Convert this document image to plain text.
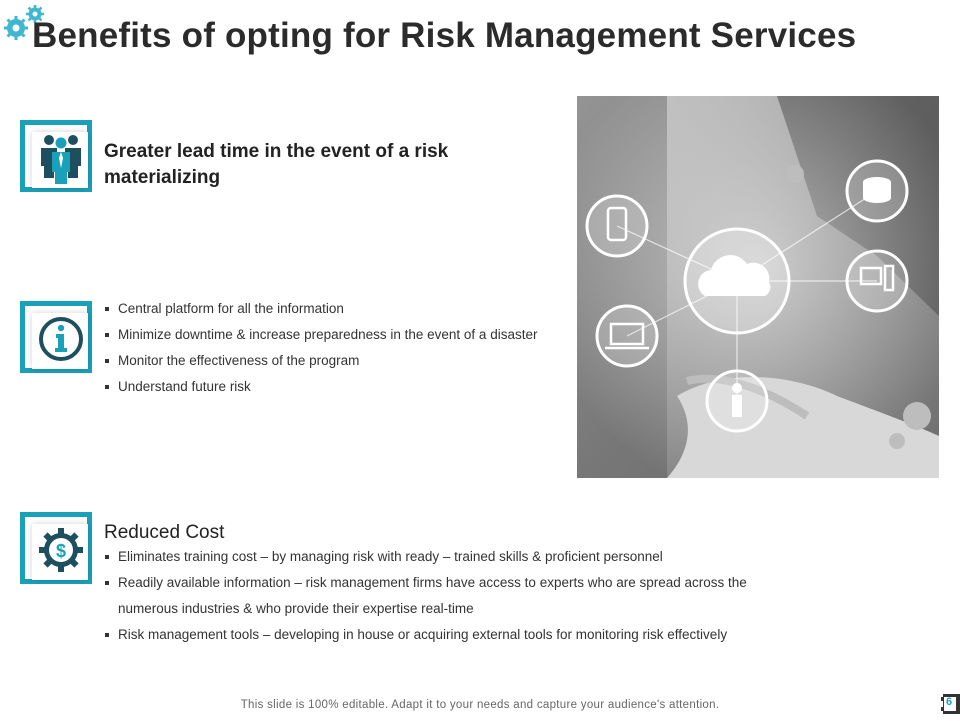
Benefits of opting for Risk Management Services
Greater lead time in the event of a risk materializing
Central platform for all the information
Minimize downtime & increase preparedness in the event of a disaster
Monitor the effectiveness of the program
Understand future risk
$
Reduced Cost
Eliminates training cost – by managing risk with ready – trained skills & proficient personnel
Readily available information – risk management firms have access to experts who are spread across the numerous industries & who provide their expertise real-time
Risk management tools – developing in house or acquiring external tools for monitoring risk effectively
This slide is 100% editable. Adapt it to your needs and capture your audience's attention.	6
